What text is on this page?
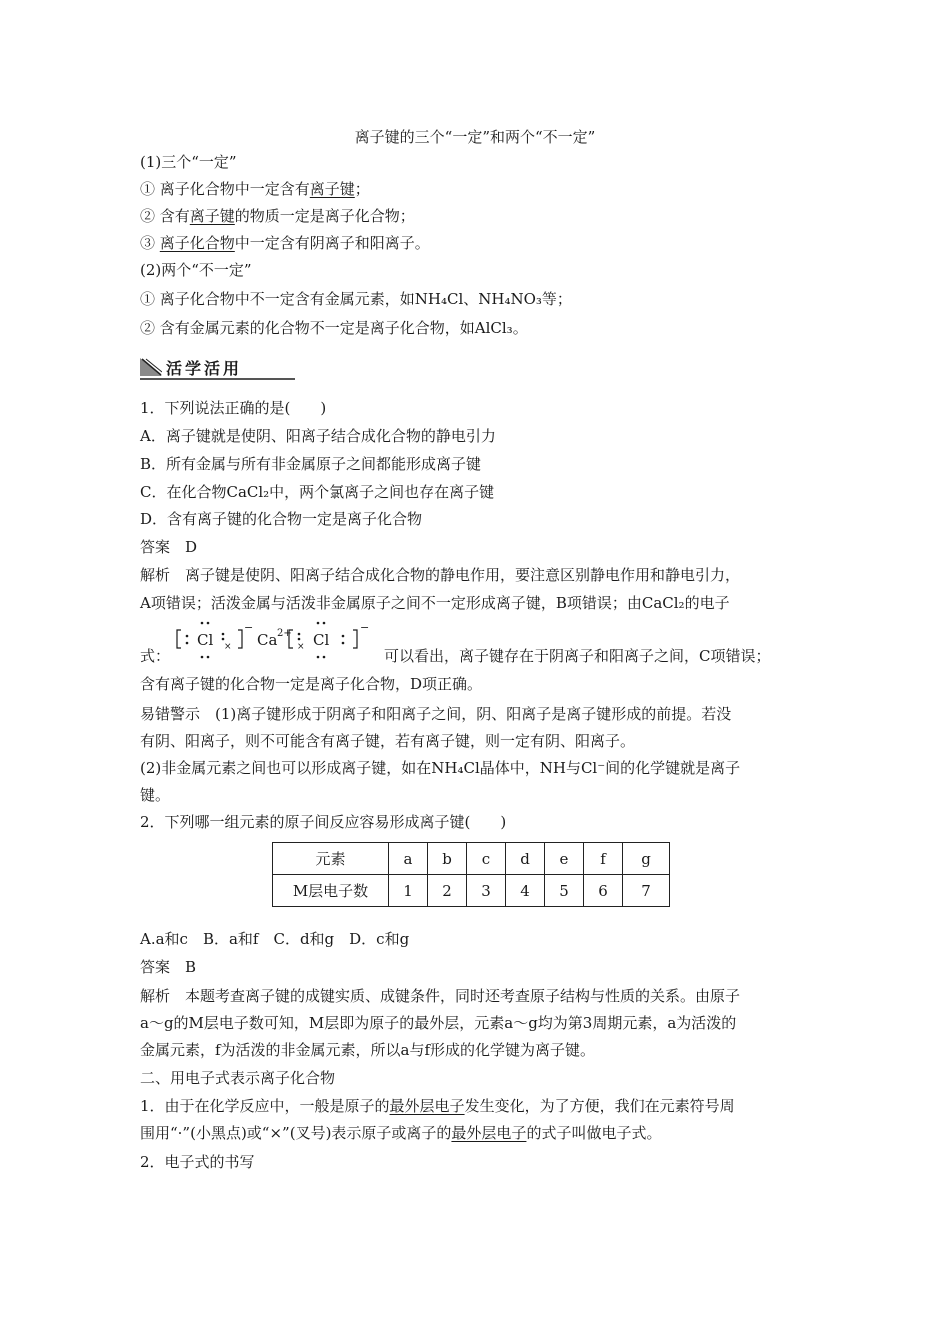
离子键的三个“一定”和两个“不一定”
(1)三个“一定”
① 离子化合物中一定含有离子键；
② 含有离子键的物质一定是离子化合物；
③ 离子化合物中一定含有阴离子和阳离子。
(2)两个“不一定”
① 离子化合物中不一定含有金属元素，如NH₄Cl、NH₄NO₃等；
② 含有金属元素的化合物不一定是离子化合物，如AlCl₃。
活学活用
1．下列说法正确的是(　　)
A．离子键就是使阴、阳离子结合成化合物的静电引力
B．所有金属与所有非金属原子之间都能形成离子键
C．在化合物CaCl₂中，两个氯离子之间也存在离子键
D．含有离子键的化合物一定是离子化合物
答案　D
解析　离子键是使阴、阳离子结合成化合物的静电作用，要注意区别静电作用和静电引力，
A项错误；活泼金属与活泼非金属原子之间不一定形成离子键，B项错误；由CaCl₂的电子
式：	×
Cl
−
Ca 2+
× Cl
−
可以看出，离子键存在于阴离子和阳离子之间，C项错误；
含有离子键的化合物一定是离子化合物，D项正确。
易错警示　(1)离子键形成于阴离子和阳离子之间，阴、阳离子是离子键形成的前提。若没
有阴、阳离子，则不可能含有离子键，若有离子键，则一定有阴、阳离子。
(2)非金属元素之间也可以形成离子键，如在NH₄Cl晶体中，NH与Cl⁻间的化学键就是离子
键。
2．下列哪一组元素的原子间反应容易形成离子键(　　)
元素	a	b	c	d	e	f	g
M层电子数	1	2	3	4	5	6	7
A.a和c　B．a和f　C．d和g　D．c和g
答案　B
解析　本题考查离子键的成键实质、成键条件，同时还考查原子结构与性质的关系。由原子
a～g的M层电子数可知，M层即为原子的最外层，元素a～g均为第3周期元素，a为活泼的
金属元素，f为活泼的非金属元素，所以a与f形成的化学键为离子键。
二、用电子式表示离子化合物
1．由于在化学反应中，一般是原子的最外层电子发生变化，为了方便，我们在元素符号周
围用“·”(小黑点)或“×”(叉号)表示原子或离子的最外层电子的式子叫做电子式。
2．电子式的书写
